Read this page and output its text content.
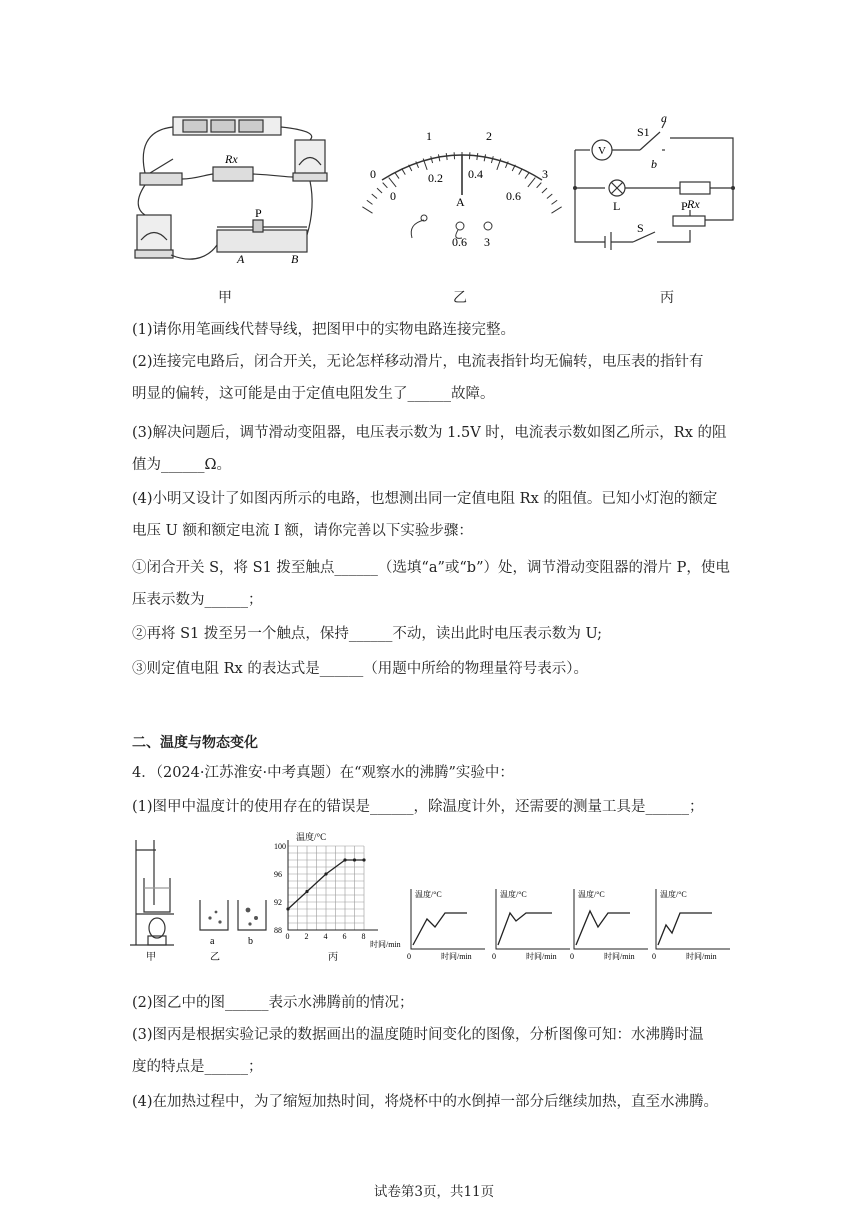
Rx
P
A	B
0
1	2
3
0
0.2 0.4
0.6
A
0.6 3
V
S1
a
b
L	Rx
S
P
甲	乙	丙
(1)请你用笔画线代替导线，把图甲中的实物电路连接完整。
(2)连接完电路后，闭合开关，无论怎样移动滑片，电流表指针均无偏转，电压表的指针有
明显的偏转，这可能是由于定值电阻发生了______故障。
(3)解决问题后，调节滑动变阻器，电压表示数为 1.5V 时，电流表示数如图乙所示，Rx 的阻
值为______Ω。
(4)小明又设计了如图丙所示的电路，也想测出同一定值电阻 Rx 的阻值。已知小灯泡的额定
电压 U 额和额定电流 I 额，请你完善以下实验步骤：
①闭合开关 S，将 S1 拨至触点______（选填“a”或“b”）处，调节滑动变阻器的滑片 P，使电
压表示数为______；
②再将 S1 拨至另一个触点，保持______不动，读出此时电压表示数为 U;
③则定值电阻 Rx 的表达式是______（用题中所给的物理量符号表示）。
二、温度与物态变化
4．（2024·江苏淮安·中考真题）在“观察水的沸腾”实验中：
(1)图甲中温度计的使用存在的错误是______，除温度计外，还需要的测量工具是______；
a	b
甲	乙
0 2 4 6 8
88
92
96
100
温度/°C
时间/min
丙
温度/°C
时间/min
0
温度/°C
时间/min
0
温度/°C
时间/min
0
温度/°C
时间/min
0
(2)图乙中的图______表示水沸腾前的情况；
(3)图丙是根据实验记录的数据画出的温度随时间变化的图像，分析图像可知：水沸腾时温
度的特点是______；
(4)在加热过程中，为了缩短加热时间，将烧杯中的水倒掉一部分后继续加热，直至水沸腾。
试卷第3页，共11页
